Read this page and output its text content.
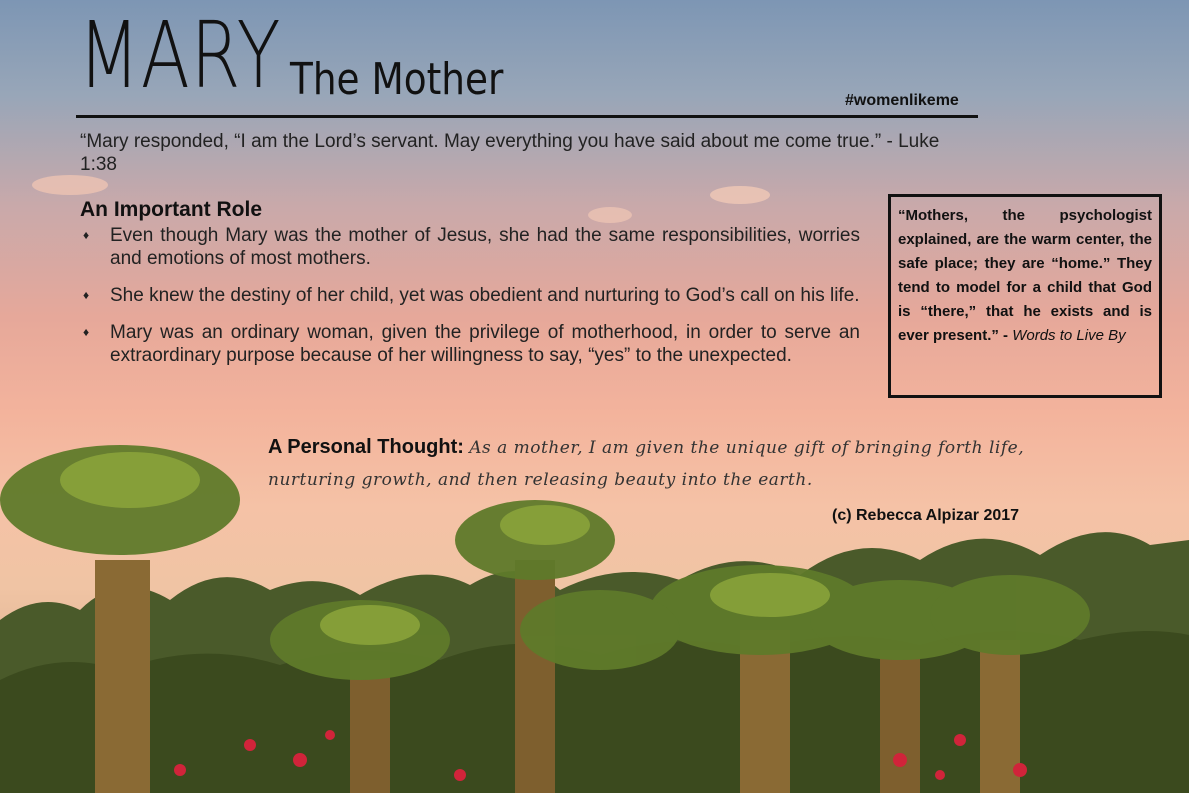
MARY The Mother	#womenlikeme
“Mary responded, “I am the Lord’s servant. May everything you have said about me come true.” - Luke 1:38
An Important Role
♦ Even though Mary was the mother of Jesus, she had the same responsibilities, worries and emotions of most mothers.
♦ She knew the destiny of her child, yet was obedient and nurturing to God’s call on his life.
♦ Mary was an ordinary woman, given the privilege of motherhood, in order to serve an extraordinary purpose because of her willingness to say, “yes” to the unexpected.
“Mothers, the psychologist explained, are the warm center, the safe place; they are “home.” They tend to model for a child that God is “there,” that he exists and is ever present.” - Words to Live By
A Personal Thought: As a mother, I am given the unique gift of bringing forth life, nurturing growth, and then releasing beauty into the earth.
(c) Rebecca Alpizar 2017
